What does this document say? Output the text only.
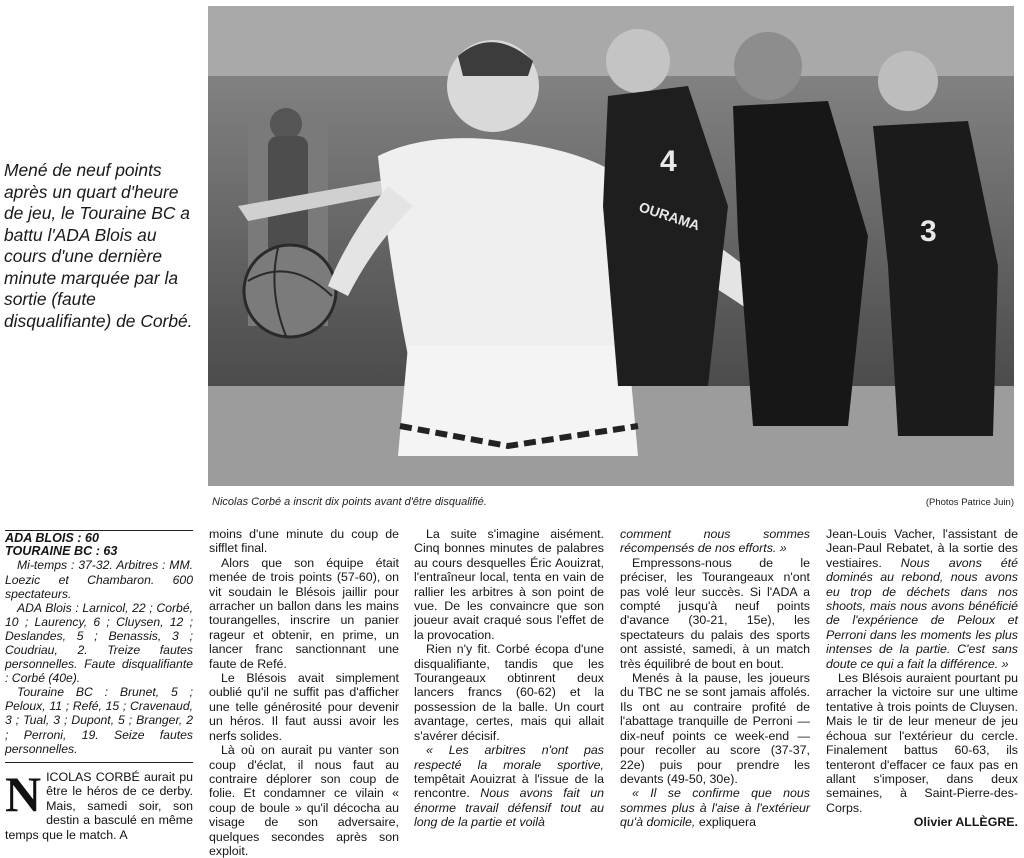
Mené de neuf points après un quart d'heure de jeu, le Touraine BC a battu l'ADA Blois au cours d'une dernière minute marquée par la sortie (faute disqualifiante) de Corbé.

4
3
OURAMA

Nicolas Corbé a inscrit dix points avant d'être disqualifié.	(Photos Patrice Juin)

ADA BLOIS : 60

TOURAINE BC : 63

Mi-temps : 37-32. Arbitres : MM. Loezic et Chambaron. 600 spectateurs.

ADA Blois : Larnicol, 22 ; Corbé, 10 ; Laurency, 6 ; Cluysen, 12 ; Deslandes, 5 ; Benassis, 3 ; Coudriau, 2. Treize fautes personnelles. Faute disqualifiante : Corbé (40e).

Touraine BC : Brunet, 5 ; Peloux, 11 ; Refé, 15 ; Cravenaud, 3 ; Tual, 3 ; Dupont, 5 ; Branger, 2 ; Perroni, 19. Seize fautes personnelles.

N ICOLAS CORBÉ aurait pu être le héros de ce derby. Mais, samedi soir, son destin a basculé en même temps que le match. A

moins d'une minute du coup de sifflet final.

Alors que son équipe était menée de trois points (57-60), on vit soudain le Blésois jaillir pour arracher un ballon dans les mains tourangelles, inscrire un panier rageur et obtenir, en prime, un lancer franc sanctionnant une faute de Refé.

Le Blésois avait simplement oublié qu'il ne suffit pas d'afficher une telle générosité pour devenir un héros. Il faut aussi avoir les nerfs solides.

Là où on aurait pu vanter son coup d'éclat, il nous faut au contraire déplorer son coup de folie. Et condamner ce vilain « coup de boule » qu'il décocha au visage de son adversaire, quelques secondes après son exploit.

La suite s'imagine aisément. Cinq bonnes minutes de palabres au cours desquelles Éric Aouizrat, l'entraîneur local, tenta en vain de rallier les arbitres à son point de vue. De les convaincre que son joueur avait craqué sous l'effet de la provocation.

Rien n'y fit. Corbé écopa d'une disqualifiante, tandis que les Tourangeaux obtinrent deux lancers francs (60-62) et la possession de la balle. Un court avantage, certes, mais qui allait s'avérer décisif.

« Les arbitres n'ont pas respecté la morale sportive, tempêtait Aouizrat à l'issue de la rencontre. Nous avons fait un énorme travail défensif tout au long de la partie et voilà

comment nous sommes récompensés de nos efforts. »

Empressons-nous de le préciser, les Tourangeaux n'ont pas volé leur succès. Si l'ADA a compté jusqu'à neuf points d'avance (30-21, 15e), les spectateurs du palais des sports ont assisté, samedi, à un match très équilibré de bout en bout.

Menés à la pause, les joueurs du TBC ne se sont jamais affolés. Ils ont au contraire profité de l'abattage tranquille de Perroni — dix-neuf points ce week-end — pour recoller au score (37-37, 22e) puis pour prendre les devants (49-50, 30e).

« Il se confirme que nous sommes plus à l'aise à l'extérieur qu'à domicile, expliquera

Jean-Louis Vacher, l'assistant de Jean-Paul Rebatet, à la sortie des vestiaires. Nous avons été dominés au rebond, nous avons eu trop de déchets dans nos shoots, mais nous avons bénéficié de l'expérience de Peloux et Perroni dans les moments les plus intenses de la partie. C'est sans doute ce qui a fait la différence. »

Les Blésois auraient pourtant pu arracher la victoire sur une ultime tentative à trois points de Cluysen. Mais le tir de leur meneur de jeu échoua sur l'extérieur du cercle. Finalement battus 60-63, ils tenteront d'effacer ce faux pas en allant s'imposer, dans deux semaines, à Saint-Pierre-des-Corps.

Olivier ALLÈGRE.
